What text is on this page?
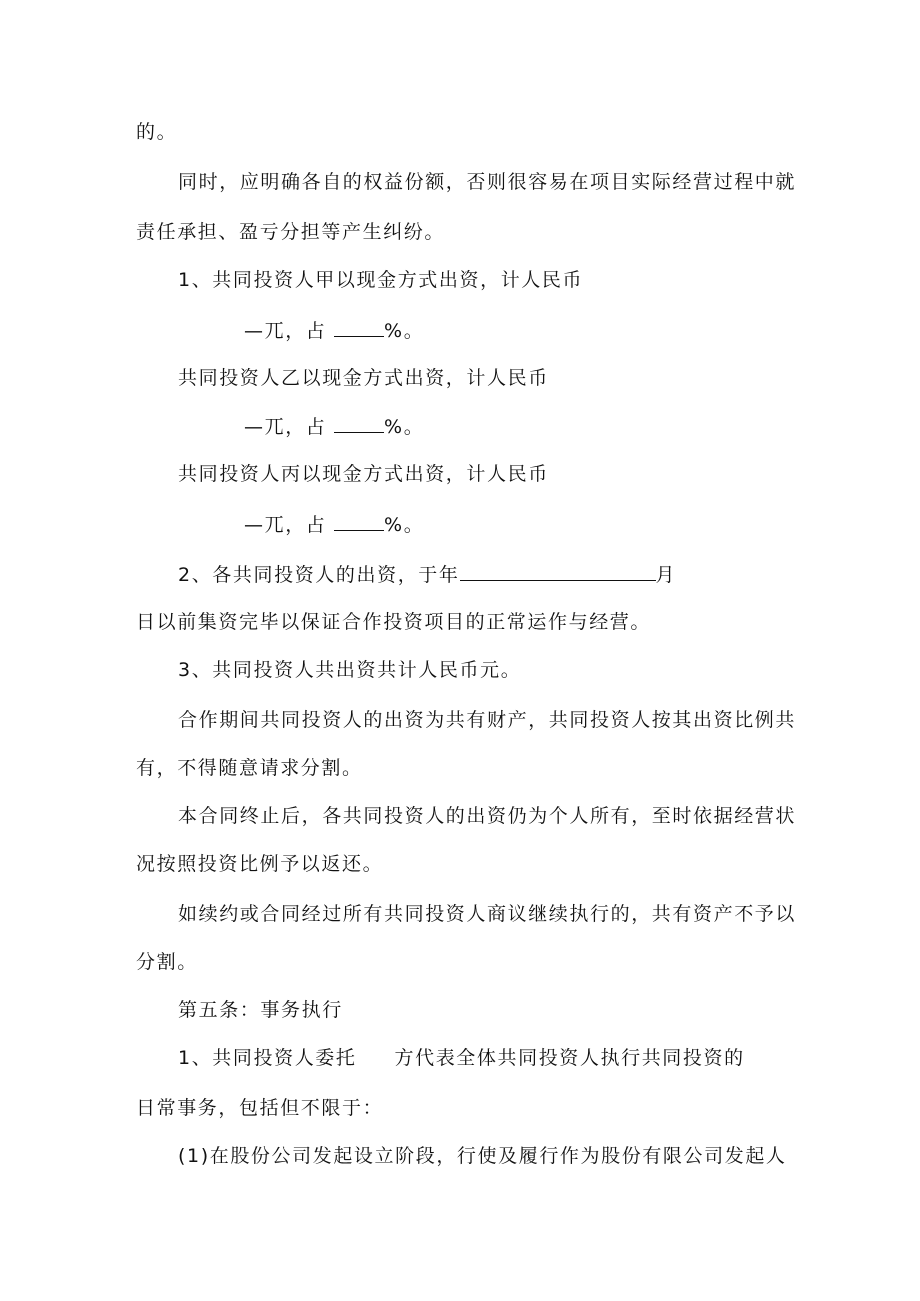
的。
同时，应明确各自的权益份额，否则很容易在项目实际经营过程中就
责任承担、盈亏分担等产生纠纷。
1、共同投资人甲以现金方式出资，计人民币
—兀，占	%。
共同投资人乙以现金方式出资，计人民币
—兀，占	%。
共同投资人丙以现金方式出资，计人民币
—兀，占	%。
2、各共同投资人的出资，于年	月
日以前集资完毕以保证合作投资项目的正常运作与经营。
3、共同投资人共出资共计人民币元。
合作期间共同投资人的出资为共有财产，共同投资人按其出资比例共
有，不得随意请求分割。
本合同终止后，各共同投资人的出资仍为个人所有，至时依据经营状
况按照投资比例予以返还。
如续约或合同经过所有共同投资人商议继续执行的，共有资产不予以
分割。
第五条：事务执行
1、共同投资人委托 方代表全体共同投资人执行共同投资的
日常事务，包括但不限于：
(1)在股份公司发起设立阶段，行使及履行作为股份有限公司发起人
